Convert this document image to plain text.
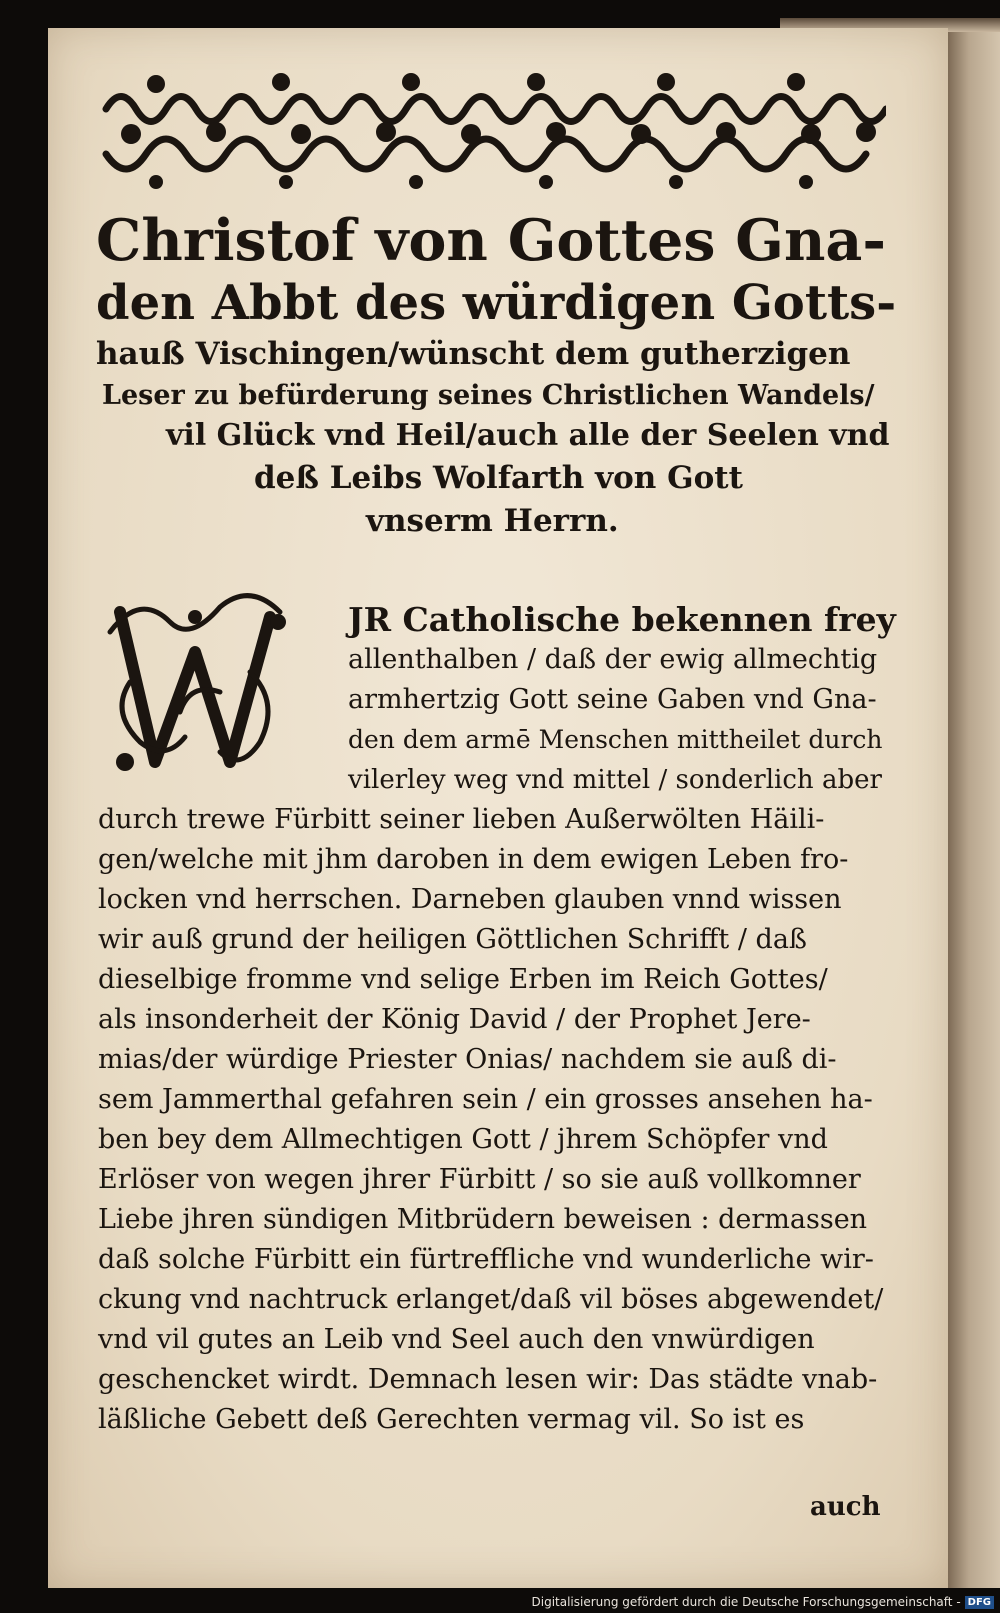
Christof von Gottes Gna-
den Abbt des würdigen Gotts-
hauß Vischingen/wünscht dem gutherzigen
Leser zu befürderung seines Christlichen Wandels/
vil Glück vnd Heil/auch alle der Seelen vnd
deß Leibs Wolfarth von Gott
vnserm Herrn.
JR Catholische bekennen frey
allenthalben / daß der ewig allmechtig
armhertzig Gott seine Gaben vnd Gna-
den dem armē Menschen mittheilet durch
vilerley weg vnd mittel / sonderlich aber
durch trewe Fürbitt seiner lieben Außerwölten Häili-
gen/welche mit jhm daroben in dem ewigen Leben fro-
locken vnd herrschen. Darneben glauben vnnd wissen
wir auß grund der heiligen Göttlichen Schrifft / daß
dieselbige fromme vnd selige Erben im Reich Gottes/
als insonderheit der König David / der Prophet Jere-
mias/der würdige Priester Onias/ nachdem sie auß di-
sem Jammerthal gefahren sein / ein grosses ansehen ha-
ben bey dem Allmechtigen Gott / jhrem Schöpfer vnd
Erlöser von wegen jhrer Fürbitt / so sie auß vollkomner
Liebe jhren sündigen Mitbrüdern beweisen : dermassen
daß solche Fürbitt ein fürtreffliche vnd wunderliche wir-
ckung vnd nachtruck erlanget/daß vil böses abgewendet/
vnd vil gutes an Leib vnd Seel auch den vnwürdigen
geschencket wirdt. Demnach lesen wir: Das städte vnab-
läßliche Gebett deß Gerechten vermag vil. So ist es
auch
Digitalisierung gefördert durch die Deutsche Forschungsgemeinschaft - DFG
